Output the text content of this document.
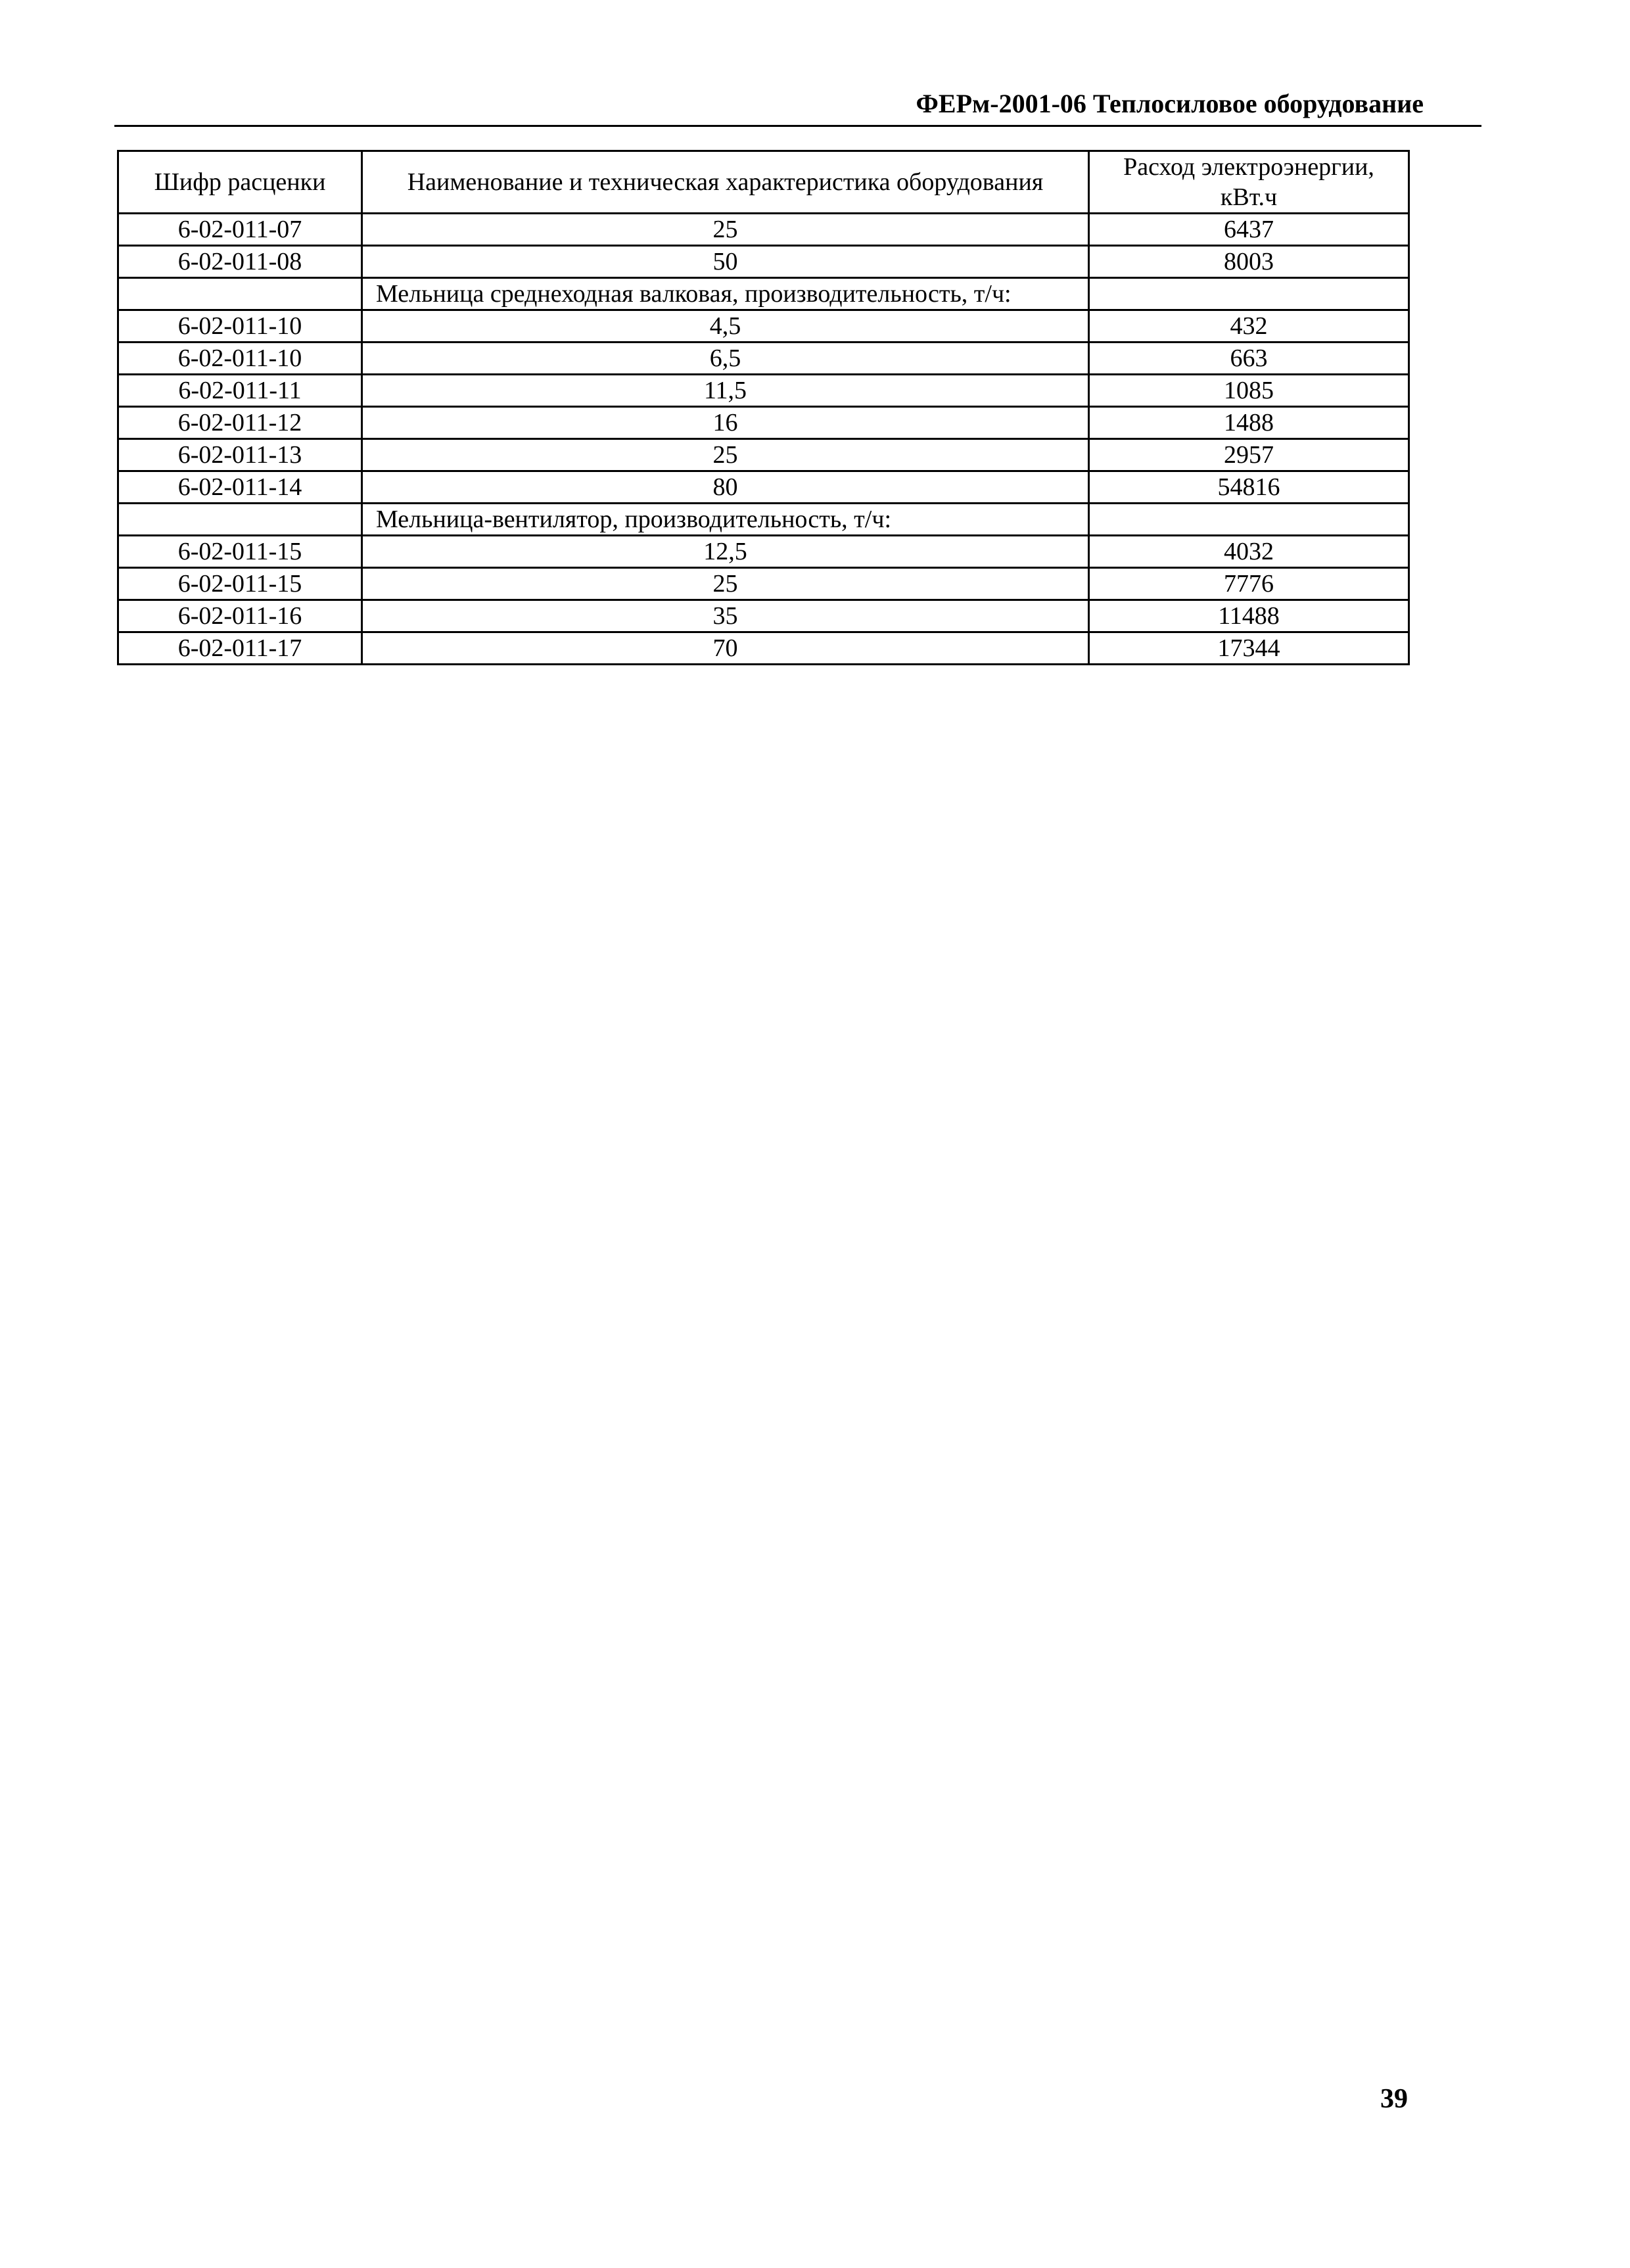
ФЕРм-2001-06 Теплосиловое оборудование
Шифр расценки	Наименование и техническая характеристика оборудования	Расход электроэнергии, кВт.ч
6-02-011-07	25	6437
6-02-011-08	50	8003
	Мельница среднеходная валковая, производительность, т/ч:	
6-02-011-10	4,5	432
6-02-011-10	6,5	663
6-02-011-11	11,5	1085
6-02-011-12	16	1488
6-02-011-13	25	2957
6-02-011-14	80	54816
	Мельница-вентилятор, производительность, т/ч:	
6-02-011-15	12,5	4032
6-02-011-15	25	7776
6-02-011-16	35	11488
6-02-011-17	70	17344
39
